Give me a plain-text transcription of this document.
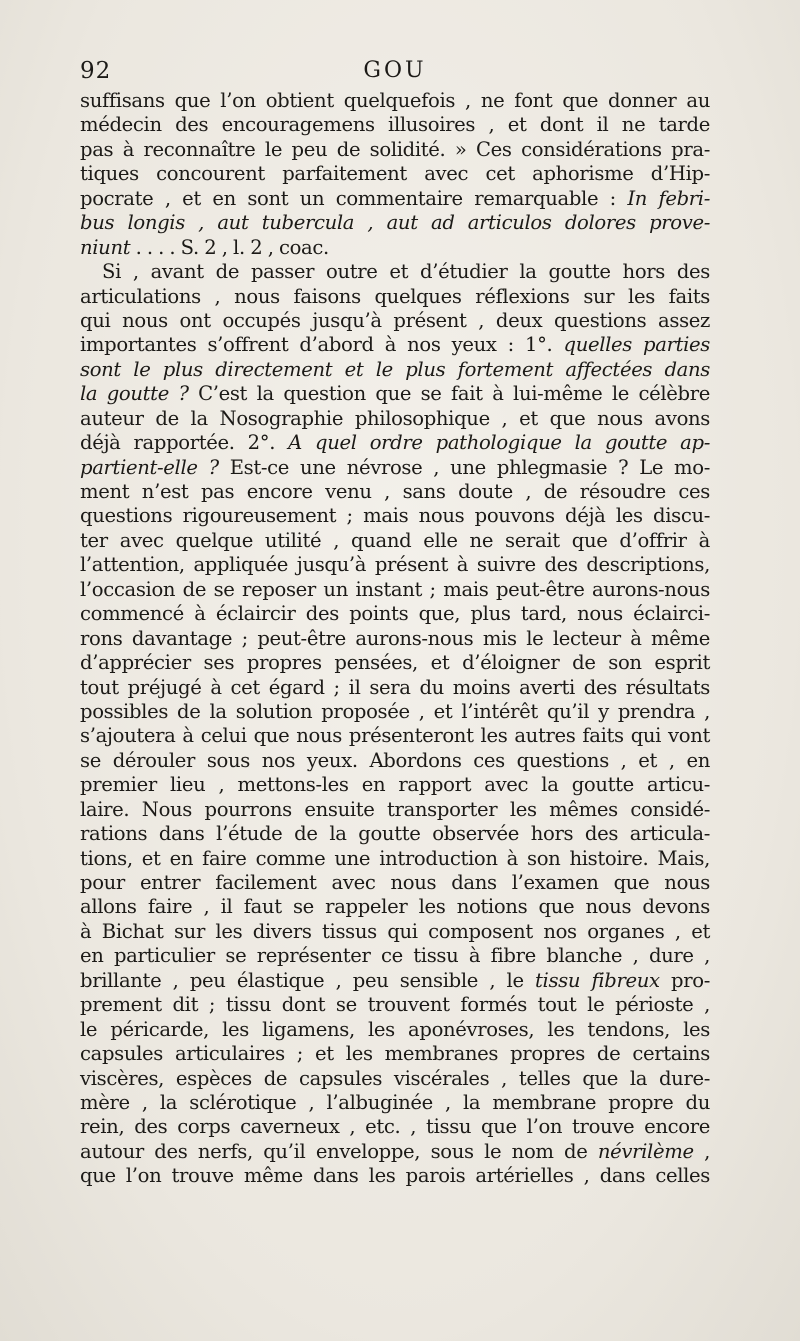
92	GOU
suffisans que l’on obtient quelquefois , ne font que donner au
médecin des encouragemens illusoires , et dont il ne tarde
pas à reconnaître le peu de solidité. » Ces considérations pra-
tiques concourent parfaitement avec cet aphorisme d’Hip-
pocrate , et en sont un commentaire remarquable : In febri-
bus longis , aut tubercula , aut ad articulos dolores prove-
niunt . . . . S. 2 , l. 2 , coac.
Si , avant de passer outre et d’étudier la goutte hors des
articulations , nous faisons quelques réflexions sur les faits
qui nous ont occupés jusqu’à présent , deux questions assez
importantes s’offrent d’abord à nos yeux : 1°. quelles parties
sont le plus directement et le plus fortement affectées dans
la goutte ? C’est la question que se fait à lui-même le célèbre
auteur de la Nosographie philosophique , et que nous avons
déjà rapportée. 2°. A quel ordre pathologique la goutte ap-
partient-elle ? Est-ce une névrose , une phlegmasie ? Le mo-
ment n’est pas encore venu , sans doute , de résoudre ces
questions rigoureusement ; mais nous pouvons déjà les discu-
ter avec quelque utilité , quand elle ne serait que d’offrir à
l’attention, appliquée jusqu’à présent à suivre des descriptions,
l’occasion de se reposer un instant ; mais peut-être aurons-nous
commencé à éclaircir des points que, plus tard, nous éclairci-
rons davantage ; peut-être aurons-nous mis le lecteur à même
d’apprécier ses propres pensées, et d’éloigner de son esprit
tout préjugé à cet égard ; il sera du moins averti des résultats
possibles de la solution proposée , et l’intérêt qu’il y prendra ,
s’ajoutera à celui que nous présenteront les autres faits qui vont
se dérouler sous nos yeux. Abordons ces questions , et , en
premier lieu , mettons-les en rapport avec la goutte articu-
laire. Nous pourrons ensuite transporter les mêmes considé-
rations dans l’étude de la goutte observée hors des articula-
tions, et en faire comme une introduction à son histoire. Mais,
pour entrer facilement avec nous dans l’examen que nous
allons faire , il faut se rappeler les notions que nous devons
à Bichat sur les divers tissus qui composent nos organes , et
en particulier se représenter ce tissu à fibre blanche , dure ,
brillante , peu élastique , peu sensible , le tissu fibreux pro-
prement dit ; tissu dont se trouvent formés tout le périoste ,
le péricarde, les ligamens, les aponévroses, les tendons, les
capsules articulaires ; et les membranes propres de certains
viscères, espèces de capsules viscérales , telles que la dure-
mère , la sclérotique , l’albuginée , la membrane propre du
rein, des corps caverneux , etc. , tissu que l’on trouve encore
autour des nerfs, qu’il enveloppe, sous le nom de névrilème ,
que l’on trouve même dans les parois artérielles , dans celles
